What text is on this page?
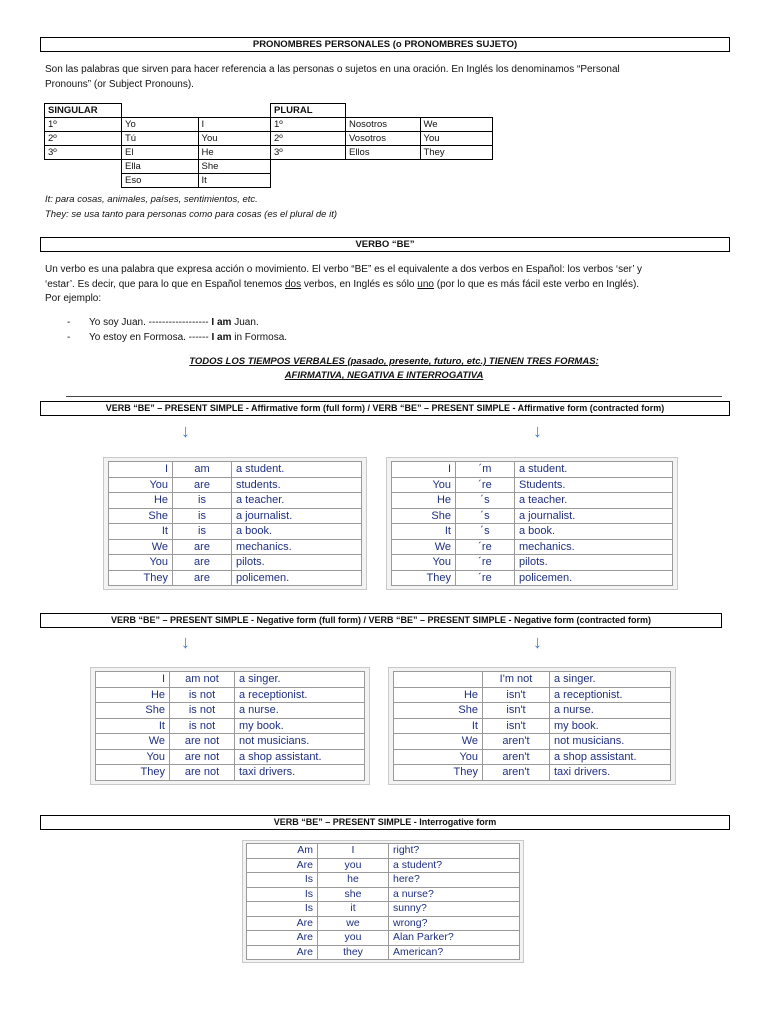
PRONOMBRES PERSONALES (o PRONOMBRES SUJETO)
Son las palabras que sirven para hacer referencia a las personas o sujetos en una oración. En Inglés los denominamos “Personal
Pronouns” (or Subject Pronouns).
SINGULAR		
1º	Yo	I
2º	Tú	You
3º	El	He
	Ella	She
	Eso	It
PLURAL		
1º	Nosotros	We
2º	Vosotros	You
3º	Ellos	They
It: para cosas, animales, países, sentimientos, etc.
They: se usa tanto para personas como para cosas (es el plural de it)
VERBO “BE”
Un verbo es una palabra que expresa acción o movimiento. El verbo “BE” es el equivalente a dos verbos en Español: los verbos ‘ser’ y
‘estar’. Es decir, que para lo que en Español tenemos dos verbos, en Inglés es sólo uno (por lo que es más fácil este verbo en Inglés).
Por ejemplo:
- Yo soy Juan. ------------------ I am Juan.
- Yo estoy en Formosa. ------ I am in Formosa.
TODOS LOS TIEMPOS VERBALES (pasado, presente, futuro, etc.) TIENEN TRES FORMAS:
AFIRMATIVA, NEGATIVA E INTERROGATIVA
VERB “BE” – PRESENT SIMPLE - Affirmative form (full form) / VERB “BE” – PRESENT SIMPLE - Affirmative form (contracted form)
↓	↓
I	am	a student.
You	are	students.
He	is	a teacher.
She	is	a journalist.
It	is	a book.
We	are	mechanics.
You	are	pilots.
They	are	policemen.
I	´m	a student.
You	´re	Students.
He	´s	a teacher.
She	´s	a journalist.
It	´s	a book.
We	´re	mechanics.
You	´re	pilots.
They	´re	policemen.
VERB “BE” – PRESENT SIMPLE - Negative form (full form) / VERB “BE” – PRESENT SIMPLE - Negative form (contracted form)
↓	↓
I	am not	a singer.
He	is not	a receptionist.
She	is not	a nurse.
It	is not	my book.
We	are not	not musicians.
You	are not	a shop assistant.
They	are not	taxi drivers.
	I'm not	a singer.
He	isn't	a receptionist.
She	isn't	a nurse.
It	isn't	my book.
We	aren't	not musicians.
You	aren't	a shop assistant.
They	aren't	taxi drivers.
VERB “BE” – PRESENT SIMPLE - Interrogative form
Am	I	right?
Are	you	a student?
Is	he	here?
Is	she	a nurse?
Is	it	sunny?
Are	we	wrong?
Are	you	Alan Parker?
Are	they	American?
